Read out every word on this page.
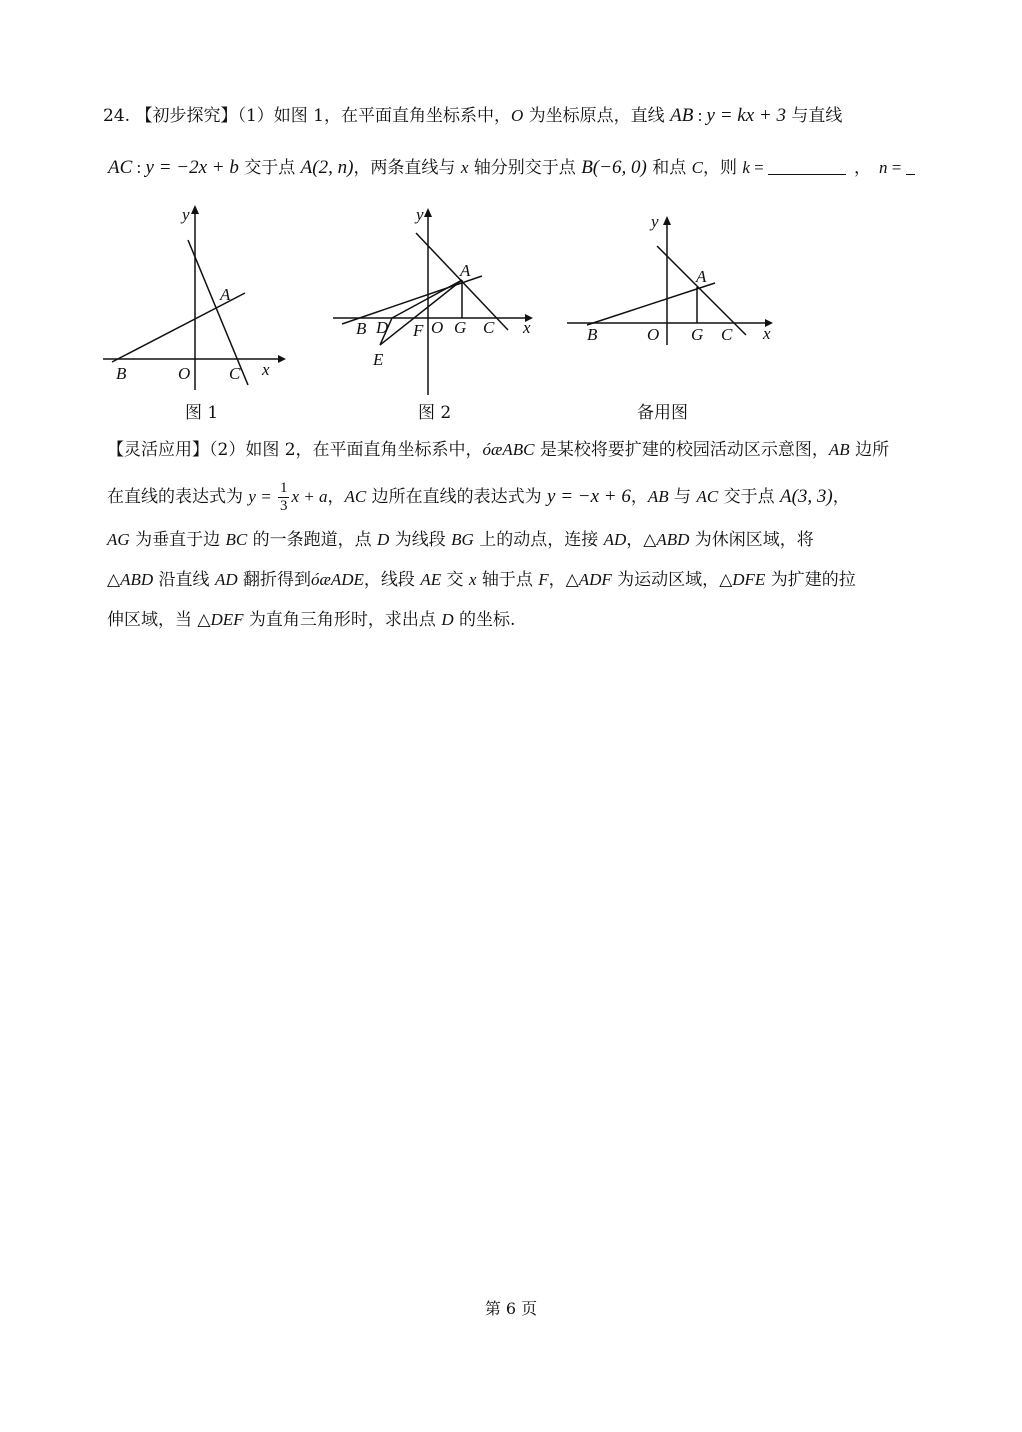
24. 【初步探究】（1）如图 1，在平面直角坐标系中，O 为坐标原点，直线 AB : y = kx + 3 与直线
AC : y = −2x + b 交于点 A(2, n)，两条直线与 x 轴分别交于点 B(−6, 0) 和点 C，则 k =	， n =
y
x
A
B	O C
图 1
y
x
A
B D F O G C
E
图 2
y
x
A
B	O G C
备用图
【灵活应用】（2）如图 2，在平面直角坐标系中，óæABC 是某校将要扩建的校园活动区示意图，AB 边所
在直线的表达式为 $y = \frac{1}{3}$ x + a，AC 边所在直线的表达式为 y = −x + 6，AB 与 AC 交于点 A(3, 3)，
AG 为垂直于边 BC 的一条跑道，点 D 为线段 BG 上的动点，连接 AD，△ABD 为休闲区域，将
△ABD 沿直线 AD 翻折得到óæADE，线段 AE 交 x 轴于点 F，△ADF 为运动区域，△DFE 为扩建的拉
伸区域，当 △DEF 为直角三角形时，求出点 D 的坐标.
第 6 页
